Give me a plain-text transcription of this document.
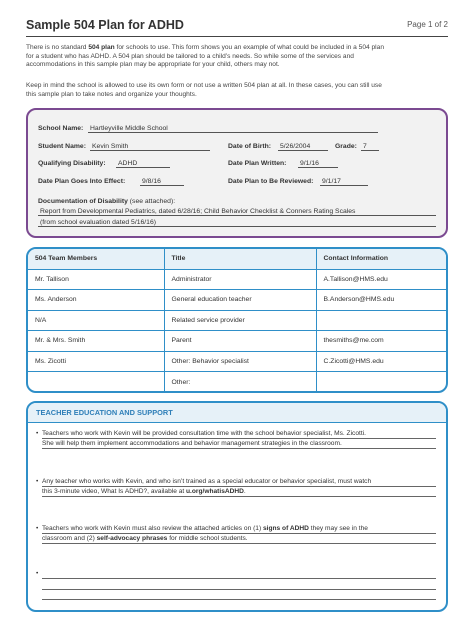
Sample 504 Plan for ADHD	Page 1 of 2
There is no standard 504 plan for schools to use. This form shows you an example of what could be included in a 504 plan
for a student who has ADHD. A 504 plan should be tailored to a child’s needs. So while some of the services and
accommodations in this sample plan may be appropriate for your child, others may not.
Keep in mind the school is allowed to use its own form or not use a written 504 plan at all. In these cases, you can still use
this sample plan to take notes and organize your thoughts.
School Name: Hartleyville Middle School
Student Name: Kevin Smith	Date of Birth: 5/26/2004	Grade: 7
Qualifying Disability: ADHD	Date Plan Written: 9/1/16
Date Plan Goes Into Effect: 9/8/16	Date Plan to Be Reviewed: 9/1/17
Documentation of Disability (see attached):
Report from Developmental Pediatrics, dated 6/28/16; Child Behavior Checklist & Conners Rating Scales
(from school evaluation dated 5/16/16)
504 Team Members	Title	Contact Information
Mr. Tallison	Administrator	A.Tallison@HMS.edu
Ms. Anderson	General education teacher	B.Anderson@HMS.edu
N/A	Related service provider	
Mr. & Mrs. Smith	Parent	thesmiths@me.com
Ms. Zicotti	Other: Behavior specialist	C.Zicotti@HMS.edu
	Other:	
TEACHER EDUCATION AND SUPPORT
• Teachers who work with Kevin will be provided consultation time with the school behavior specialist, Ms. Zicotti.
She will help them implement accommodations and behavior management strategies in the classroom.
• Any teacher who works with Kevin, and who isn’t trained as a special educator or behavior specialist, must watch
this 3-minute video, What Is ADHD?, available at u.org/whatisADHD.
• Teachers who work with Kevin must also review the attached articles on (1) signs of ADHD they may see in the
classroom and (2) self-advocacy phrases for middle school students.
•
